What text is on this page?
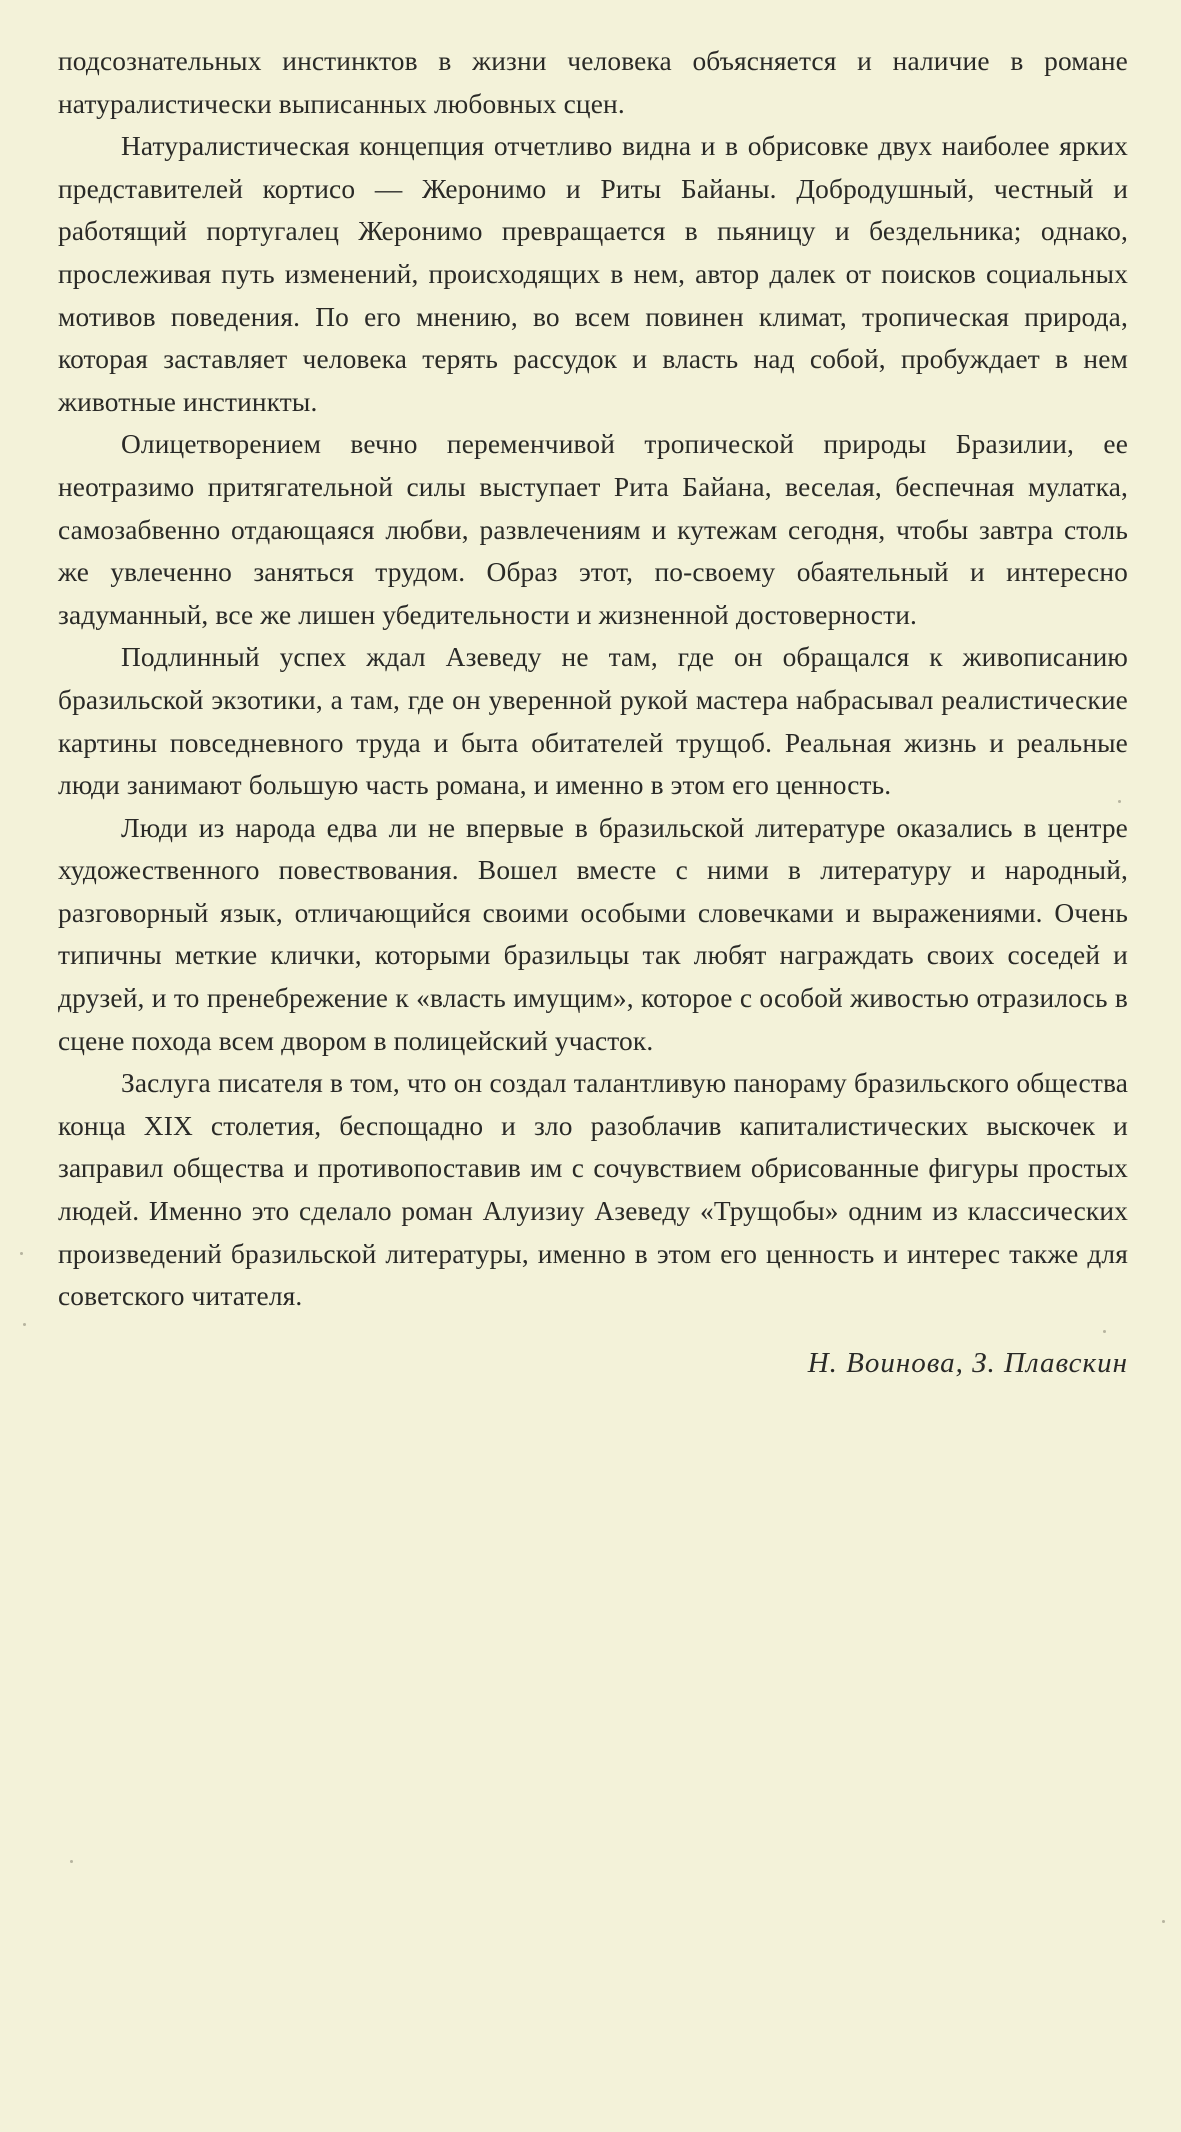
подсознательных инстинктов в жизни человека объясняется и наличие в романе натуралистически выписанных любовных сцен.

Натуралистическая концепция отчетливо видна и в обрисовке двух наиболее ярких представителей кортисо — Жеронимо и Риты Байаны. Добродушный, честный и работящий португалец Жеронимо превращается в пьяницу и бездельника; однако, прослеживая путь изменений, происходящих в нем, автор далек от поисков социальных мотивов поведения. По его мнению, во всем повинен климат, тропическая природа, которая заставляет человека терять рассудок и власть над собой, пробуждает в нем животные инстинкты.

Олицетворением вечно переменчивой тропической природы Бразилии, ее неотразимо притягательной силы выступает Рита Байана, веселая, беспечная мулатка, самозабвенно отдающаяся любви, развлечениям и кутежам сегодня, чтобы завтра столь же увлеченно заняться трудом. Образ этот, по-своему обаятельный и интересно задуманный, все же лишен убедительности и жизненной достоверности.

Подлинный успех ждал Азеведу не там, где он обращался к живописанию бразильской экзотики, а там, где он уверенной рукой мастера набрасывал реалистические картины повседневного труда и быта обитателей трущоб. Реальная жизнь и реальные люди занимают большую часть романа, и именно в этом его ценность.

Люди из народа едва ли не впервые в бразильской литературе оказались в центре художественного повествования. Вошел вместе с ними в литературу и народный, разговорный язык, отличающийся своими особыми словечками и выражениями. Очень типичны меткие клички, которыми бразильцы так любят награждать своих соседей и друзей, и то пренебрежение к «власть имущим», которое с особой живостью отразилось в сцене похода всем двором в полицейский участок.

Заслуга писателя в том, что он создал талантливую панораму бразильского общества конца XIX столетия, беспощадно и зло разоблачив капиталистических выскочек и заправил общества и противопоставив им с сочувствием обрисованные фигуры простых людей. Именно это сделало роман Алуизиу Азеведу «Трущобы» одним из классических произведений бразильской литературы, именно в этом его ценность и интерес также для советского читателя.

Н. Воинова, З. Плавскин
